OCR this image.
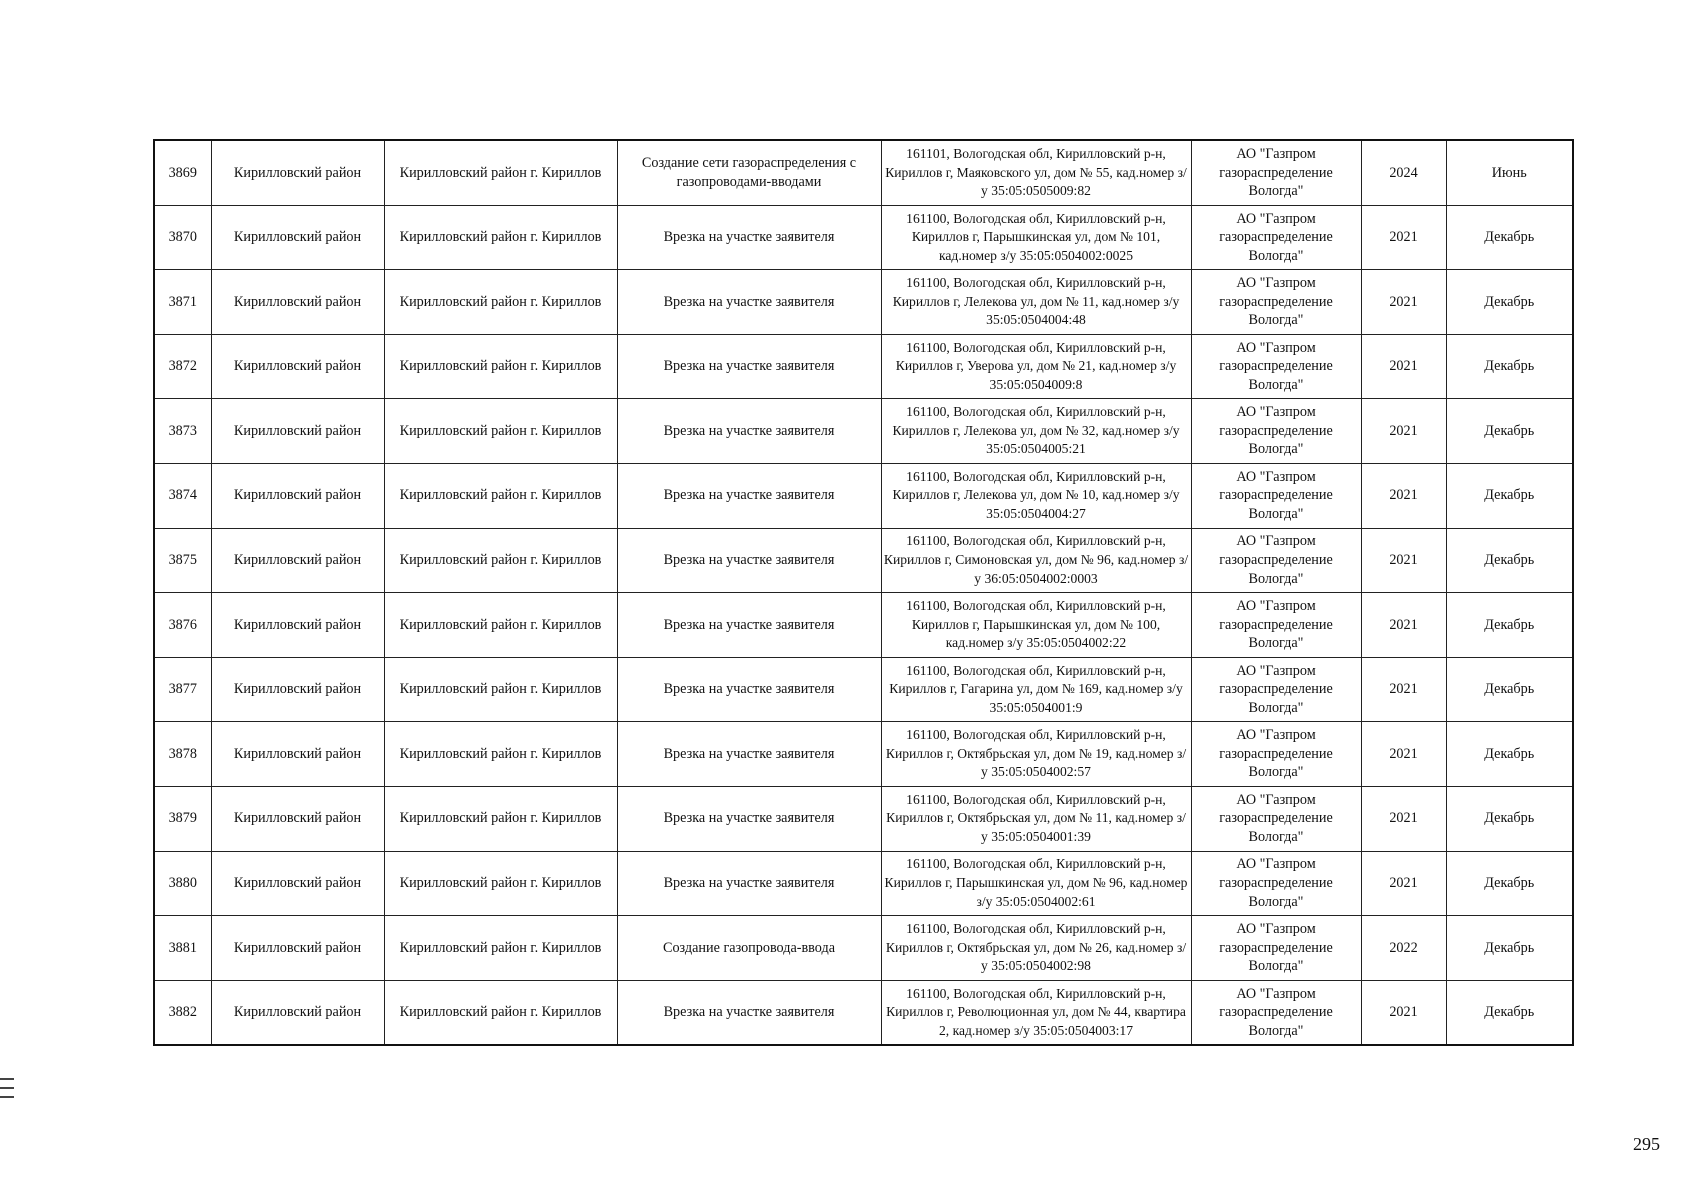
3869	Кирилловский район	Кирилловский район г. Кириллов	Создание сети газораспределения с газопроводами-вводами	161101, Вологодская обл, Кирилловский р-н, Кириллов г, Маяковского ул, дом № 55, кад.номер з/у 35:05:0505009:82	АО "Газпром газораспределение Вологда"	2024	Июнь
3870	Кирилловский район	Кирилловский район г. Кириллов	Врезка на участке заявителя	161100, Вологодская обл, Кирилловский р-н, Кириллов г, Парышкинская ул, дом № 101, кад.номер з/у 35:05:0504002:0025	АО "Газпром газораспределение Вологда"	2021	Декабрь
3871	Кирилловский район	Кирилловский район г. Кириллов	Врезка на участке заявителя	161100, Вологодская обл, Кирилловский р-н, Кириллов г, Лелекова ул, дом № 11, кад.номер з/у 35:05:0504004:48	АО "Газпром газораспределение Вологда"	2021	Декабрь
3872	Кирилловский район	Кирилловский район г. Кириллов	Врезка на участке заявителя	161100, Вологодская обл, Кирилловский р-н, Кириллов г, Уверова ул, дом № 21, кад.номер з/у 35:05:0504009:8	АО "Газпром газораспределение Вологда"	2021	Декабрь
3873	Кирилловский район	Кирилловский район г. Кириллов	Врезка на участке заявителя	161100, Вологодская обл, Кирилловский р-н, Кириллов г, Лелекова ул, дом № 32, кад.номер з/у 35:05:0504005:21	АО "Газпром газораспределение Вологда"	2021	Декабрь
3874	Кирилловский район	Кирилловский район г. Кириллов	Врезка на участке заявителя	161100, Вологодская обл, Кирилловский р-н, Кириллов г, Лелекова ул, дом № 10, кад.номер з/у 35:05:0504004:27	АО "Газпром газораспределение Вологда"	2021	Декабрь
3875	Кирилловский район	Кирилловский район г. Кириллов	Врезка на участке заявителя	161100, Вологодская обл, Кирилловский р-н, Кириллов г, Симоновская ул, дом № 96, кад.номер з/у 36:05:0504002:0003	АО "Газпром газораспределение Вологда"	2021	Декабрь
3876	Кирилловский район	Кирилловский район г. Кириллов	Врезка на участке заявителя	161100, Вологодская обл, Кирилловский р-н, Кириллов г, Парышкинская ул, дом № 100, кад.номер з/у 35:05:0504002:22	АО "Газпром газораспределение Вологда"	2021	Декабрь
3877	Кирилловский район	Кирилловский район г. Кириллов	Врезка на участке заявителя	161100, Вологодская обл, Кирилловский р-н, Кириллов г, Гагарина ул, дом № 169, кад.номер з/у 35:05:0504001:9	АО "Газпром газораспределение Вологда"	2021	Декабрь
3878	Кирилловский район	Кирилловский район г. Кириллов	Врезка на участке заявителя	161100, Вологодская обл, Кирилловский р-н, Кириллов г, Октябрьская ул, дом № 19, кад.номер з/у 35:05:0504002:57	АО "Газпром газораспределение Вологда"	2021	Декабрь
3879	Кирилловский район	Кирилловский район г. Кириллов	Врезка на участке заявителя	161100, Вологодская обл, Кирилловский р-н, Кириллов г, Октябрьская ул, дом № 11, кад.номер з/у 35:05:0504001:39	АО "Газпром газораспределение Вологда"	2021	Декабрь
3880	Кирилловский район	Кирилловский район г. Кириллов	Врезка на участке заявителя	161100, Вологодская обл, Кирилловский р-н, Кириллов г, Парышкинская ул, дом № 96, кад.номер з/у 35:05:0504002:61	АО "Газпром газораспределение Вологда"	2021	Декабрь
3881	Кирилловский район	Кирилловский район г. Кириллов	Создание газопровода-ввода	161100, Вологодская обл, Кирилловский р-н, Кириллов г, Октябрьская ул, дом № 26, кад.номер з/у 35:05:0504002:98	АО "Газпром газораспределение Вологда"	2022	Декабрь
3882	Кирилловский район	Кирилловский район г. Кириллов	Врезка на участке заявителя	161100, Вологодская обл, Кирилловский р-н, Кириллов г, Революционная ул, дом № 44, квартира 2, кад.номер з/у 35:05:0504003:17	АО "Газпром газораспределение Вологда"	2021	Декабрь
295
